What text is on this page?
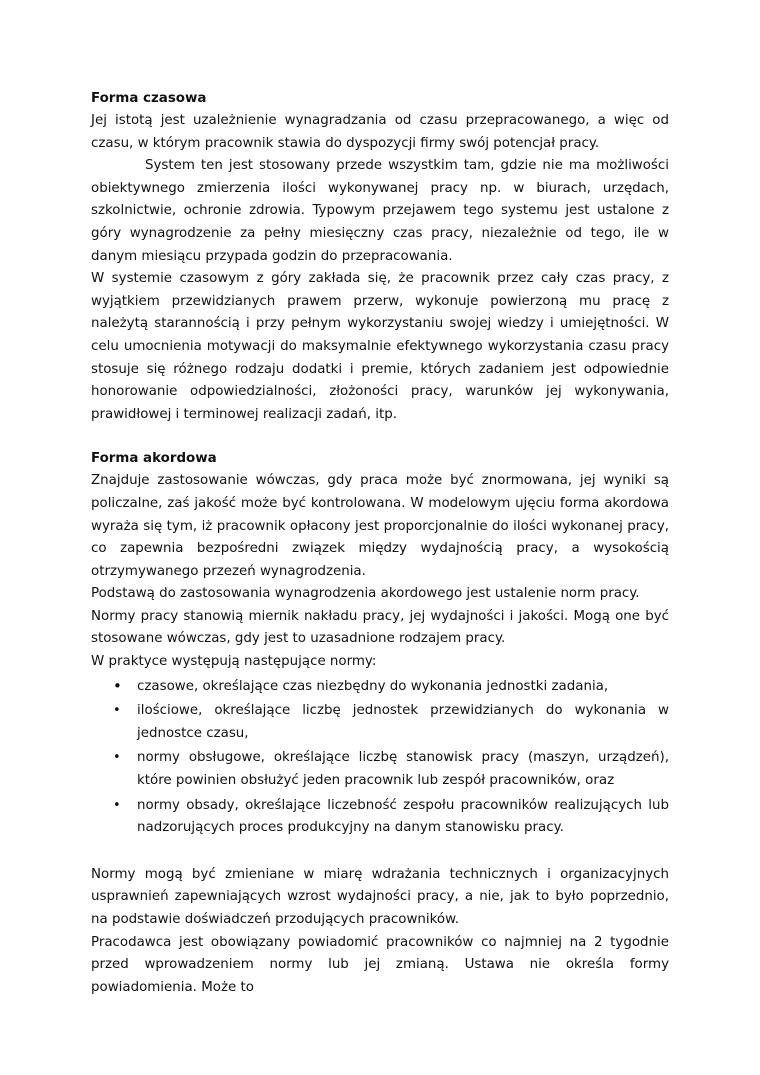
Forma czasowa

Jej istotą jest uzależnienie wynagradzania od czasu przepracowanego, a więc od czasu, w którym pracownik stawia do dyspozycji firmy swój potencjał pracy.

System ten jest stosowany przede wszystkim tam, gdzie nie ma możliwości obiektywnego zmierzenia ilości wykonywanej pracy np. w biurach, urzędach, szkolnictwie, ochronie zdrowia. Typowym przejawem tego systemu jest ustalone z góry wynagrodzenie za pełny miesięczny czas pracy, niezależnie od tego, ile w danym miesiącu przypada godzin do przepracowania.

W systemie czasowym z góry zakłada się, że pracownik przez cały czas pracy, z wyjątkiem przewidzianych prawem przerw, wykonuje powierzoną mu pracę z należytą starannością i przy pełnym wykorzystaniu swojej wiedzy i umiejętności. W celu umocnienia motywacji do maksymalnie efektywnego wykorzystania czasu pracy stosuje się różnego rodzaju dodatki i premie, których zadaniem jest odpowiednie honorowanie odpowiedzialności, złożoności pracy, warunków jej wykonywania, prawidłowej i terminowej realizacji zadań, itp.

Forma akordowa

Znajduje zastosowanie wówczas, gdy praca może być znormowana, jej wyniki są policzalne, zaś jakość może być kontrolowana. W modelowym ujęciu forma akordowa wyraża się tym, iż pracownik opłacony jest proporcjonalnie do ilości wykonanej pracy, co zapewnia bezpośredni związek między wydajnością pracy, a wysokością otrzymywanego przezeń wynagrodzenia.

Podstawą do zastosowania wynagrodzenia akordowego jest ustalenie norm pracy.

Normy pracy stanowią miernik nakładu pracy, jej wydajności i jakości. Mogą one być stosowane wówczas, gdy jest to uzasadnione rodzajem pracy.

W praktyce występują następujące normy:

• czasowe, określające czas niezbędny do wykonania jednostki zadania,
• ilościowe, określające liczbę jednostek przewidzianych do wykonania w jednostce czasu,
• normy obsługowe, określające liczbę stanowisk pracy (maszyn, urządzeń), które powinien obsłużyć jeden pracownik lub zespół pracowników, oraz
• normy obsady, określające liczebność zespołu pracowników realizujących lub nadzorujących proces produkcyjny na danym stanowisku pracy.

Normy mogą być zmieniane w miarę wdrażania technicznych i organizacyjnych usprawnień zapewniających wzrost wydajności pracy, a nie, jak to było poprzednio, na podstawie doświadczeń przodujących pracowników.

Pracodawca jest obowiązany powiadomić pracowników co najmniej na 2 tygodnie przed wprowadzeniem normy lub jej zmianą. Ustawa nie określa formy powiadomienia. Może to
